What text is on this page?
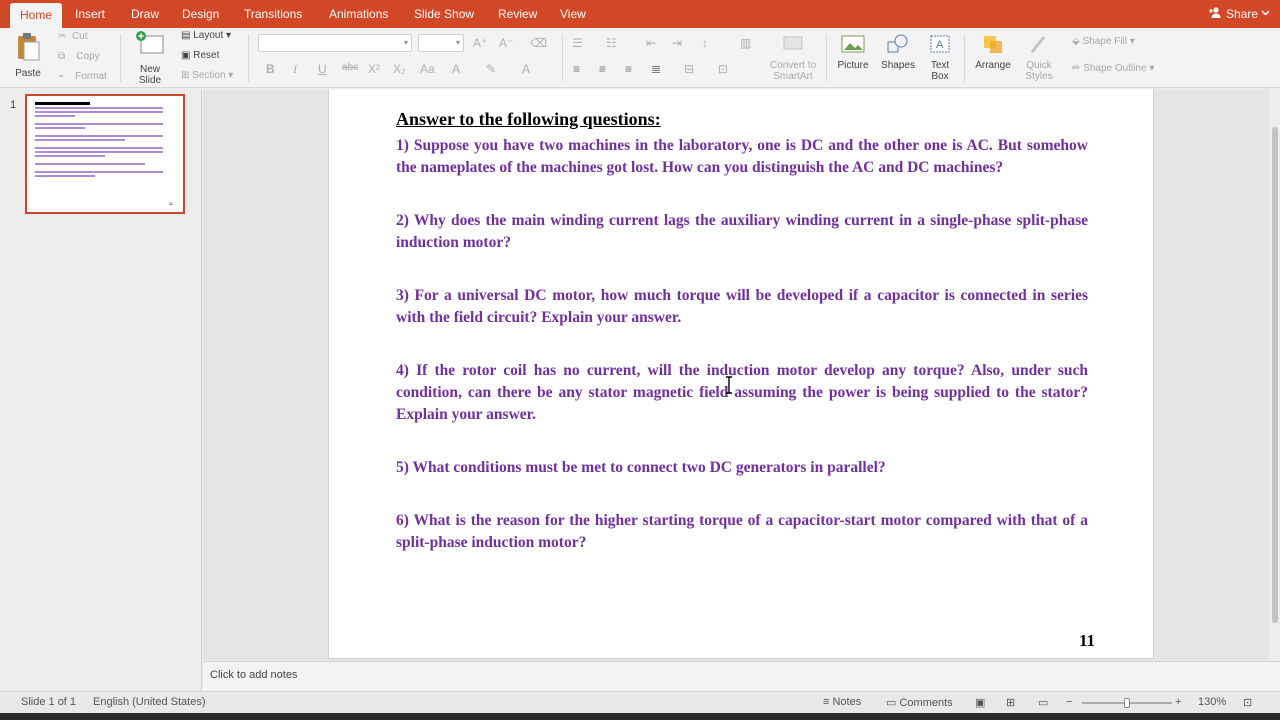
Home	Insert Draw Design Transitions Animations Slide Show Review View	Share
Paste
✂ Cut
⧉ Copy
⌁ Format
New
Slide
▤ Layout ▾
▣ Reset
⊞ Section ▾
▾	▾ A⁺ A⁻ ⌫
B I U abc X² X₂ Aa A ✎ A
☰ ☷ ⇤ ⇥ ↕	▥
≡ ≡ ≡ ≣ ⊟ ⊡	Convert to
SmartArt
Picture	Shapes
A
Text
Box
Arrange	Quick
Styles
⬙ Shape Fill ▾
✏ Shape Outline ▾
1
11
Answer to the following questions:
1) Suppose you have two machines in the laboratory, one is DC and the other one is AC. But somehow the nameplates of the machines got lost. How can you distinguish the AC and DC machines?
2) Why does the main winding current lags the auxiliary winding current in a single-phase split-phase induction motor?
3) For a universal DC motor, how much torque will be developed if a capacitor is connected in series with the field circuit? Explain your answer.
4) If the rotor coil has no current, will the induction motor develop any torque? Also, under such condition, can there be any stator magnetic field assuming the power is being supplied to the stator? Explain your answer.
5) What conditions must be met to connect two DC generators in parallel?
6) What is the reason for the higher starting torque of a capacitor-start motor compared with that of a split-phase induction motor?
11
Click to add notes
Slide 1 of 1 English (United States)	≡ Notes ▭ Comments ▣ ⊞ ▭ −	+ 130% ⊡
